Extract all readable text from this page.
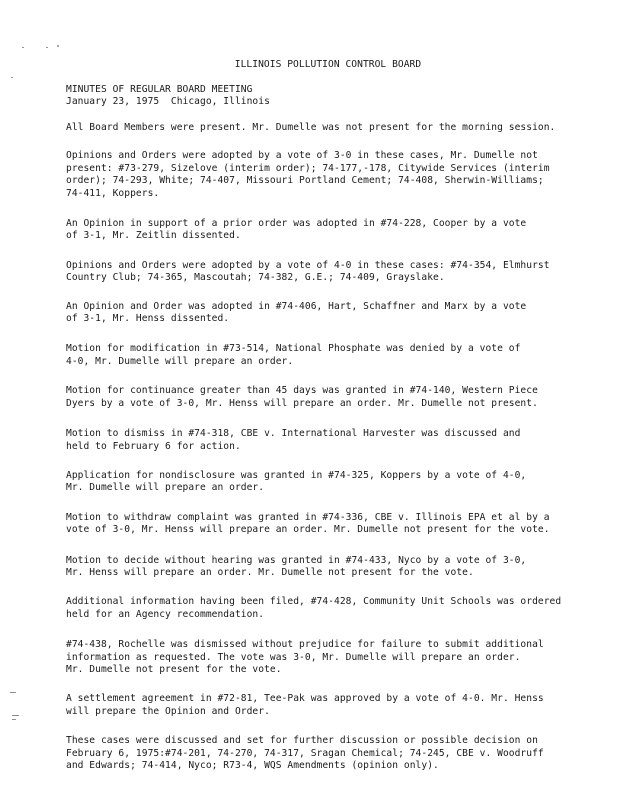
ILLINOIS POLLUTION CONTROL BOARD
MINUTES OF REGULAR BOARD MEETING
January 23, 1975  Chicago, Illinois

All Board Members were present. Mr. Dumelle was not present for the morning session.

Opinions and Orders were adopted by a vote of 3-0 in these cases, Mr. Dumelle not
present: #73-279, Sizelove (interim order); 74-177,-178, Citywide Services (interim
order); 74-293, White; 74-407, Missouri Portland Cement; 74-408, Sherwin-Williams;
74-411, Koppers.

An Opinion in support of a prior order was adopted in #74-228, Cooper by a vote
of 3-1, Mr. Zeitlin dissented.

Opinions and Orders were adopted by a vote of 4-0 in these cases: #74-354, Elmhurst
Country Club; 74-365, Mascoutah; 74-382, G.E.; 74-409, Grayslake.

An Opinion and Order was adopted in #74-406, Hart, Schaffner and Marx by a vote
of 3-1, Mr. Henss dissented.

Motion for modification in #73-514, National Phosphate was denied by a vote of
4-0, Mr. Dumelle will prepare an order.

Motion for continuance greater than 45 days was granted in #74-140, Western Piece
Dyers by a vote of 3-0, Mr. Henss will prepare an order. Mr. Dumelle not present.

Motion to dismiss in #74-318, CBE v. International Harvester was discussed and
held to February 6 for action.

Application for nondisclosure was granted in #74-325, Koppers by a vote of 4-0,
Mr. Dumelle will prepare an order.

Motion to withdraw complaint was granted in #74-336, CBE v. Illinois EPA et al by a
vote of 3-0, Mr. Henss will prepare an order. Mr. Dumelle not present for the vote.

Motion to decide without hearing was granted in #74-433, Nyco by a vote of 3-0,
Mr. Henss will prepare an order. Mr. Dumelle not present for the vote.

Additional information having been filed, #74-428, Community Unit Schools was ordered
held for an Agency recommendation.

#74-438, Rochelle was dismissed without prejudice for failure to submit additional
information as requested. The vote was 3-0, Mr. Dumelle will prepare an order.
Mr. Dumelle not present for the vote.

A settlement agreement in #72-81, Tee-Pak was approved by a vote of 4-0. Mr. Henss
will prepare the Opinion and Order.

These cases were discussed and set for further discussion or possible decision on
February 6, 1975:#74-201, 74-270, 74-317, Sragan Chemical; 74-245, CBE v. Woodruff
and Edwards; 74-414, Nyco; R73-4, WQS Amendments (opinion only).
